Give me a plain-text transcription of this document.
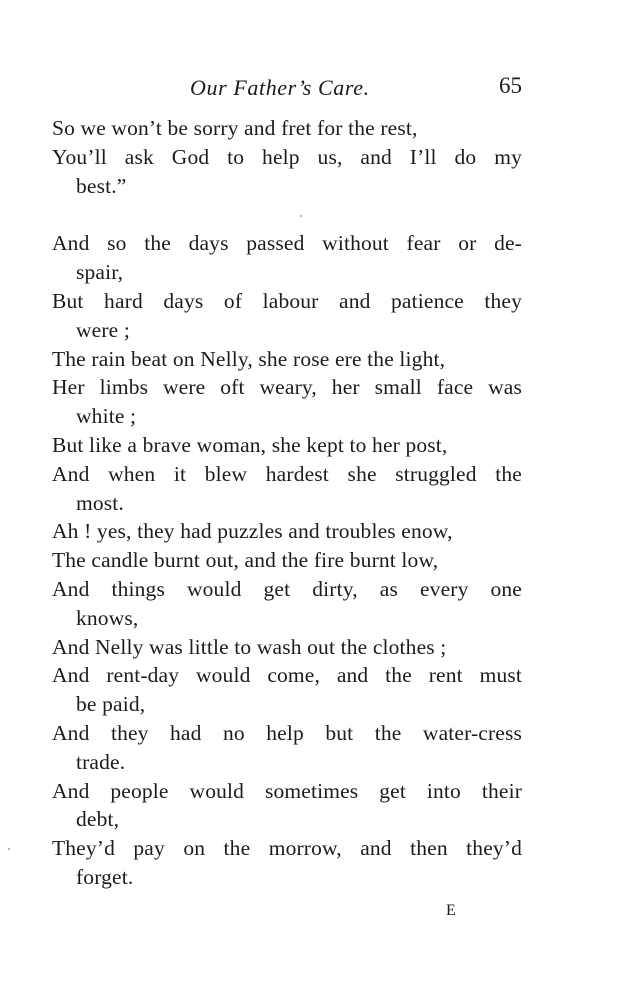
Our Father’s Care.	65
So we won’t be sorry and fret for the rest,
You’ll ask God to help us, and I’ll do my
best.”
And so the days passed without fear or de-
spair,
But hard days of labour and patience they
were ;
The rain beat on Nelly, she rose ere the light,
Her limbs were oft weary, her small face was
white ;
But like a brave woman, she kept to her post,
And when it blew hardest she struggled the
most.
Ah ! yes, they had puzzles and troubles enow,
The candle burnt out, and the fire burnt low,
And things would get dirty, as every one
knows,
And Nelly was little to wash out the clothes ;
And rent-day would come, and the rent must
be paid,
And they had no help but the water-cress
trade.
And people would sometimes get into their
debt,
They’d pay on the morrow, and then they’d
forget.
E
